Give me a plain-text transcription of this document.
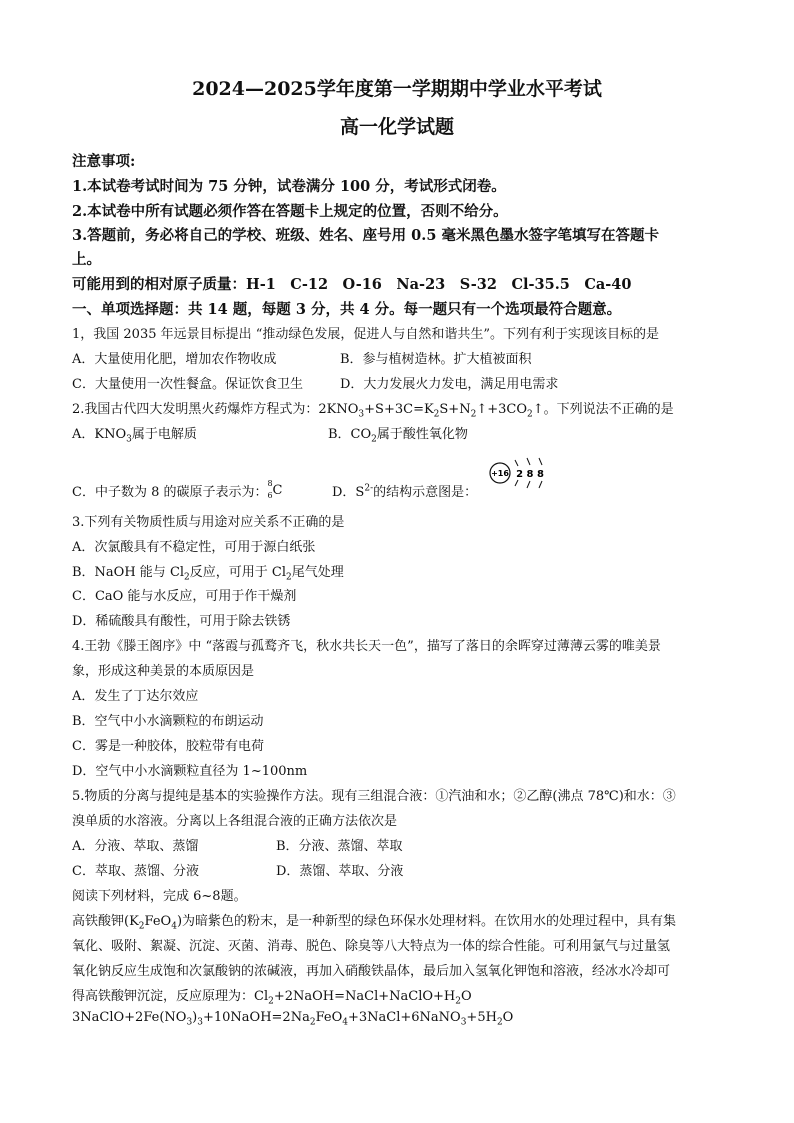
2024—2025学年度第一学期期中学业水平考试
高一化学试题
注意事项:
1.本试卷考试时间为 75 分钟，试卷满分 100 分，考试形式闭卷。
2.本试卷中所有试题必须作答在答题卡上规定的位置，否则不给分。
3.答题前，务必将自己的学校、班级、姓名、座号用 0.5 毫米黑色墨水签字笔填写在答题卡
上。
可能用到的相对原子质量：H-1　C-12　O-16　Na-23　S-32　Cl-35.5　Ca-40
一、单项选择题：共 14 题，每题 3 分，共 4 分。每一题只有一个选项最符合题意。
1，我国 2035 年远景目标提出 “推动绿色发展，促进人与自然和谐共生”。下列有利于实现该目标的是
A．大量使用化肥，增加农作物收成	B．参与植树造林。扩大植被面积
C．大量使用一次性餐盒。保证饮食卫生	D．大力发展火力发电，满足用电需求
2.我国古代四大发明黑火药爆炸方程式为：$2KNO_3+S+3C=K_2S+N_2↑+3CO_2↑$。下列说法不正确的是
A．$KNO_3$属于电解质	B．$CO_2$属于酸性氧化物
C．中子数为 8 的碳原子表示为：
8
6 C	D．$S^{2-}$的结构示意图是：
+16 2 8 8
3.下列有关物质性质与用途对应关系不正确的是
A．次氯酸具有不稳定性，可用于源白纸张
B．NaOH 能与 $Cl_2$反应，可用于 $Cl_2$尾气处理
C．CaO 能与水反应，可用于作干燥剂
D．稀硫酸具有酸性，可用于除去铁锈
4.王勃《滕王阁序》中 “落霞与孤鹜齐飞，秋水共长天一色”，描写了落日的余晖穿过薄薄云雾的唯美景
象，形成这种美景的本质原因是
A．发生了丁达尔效应
B．空气中小水滴颗粒的布朗运动
C．雾是一种胶体，胶粒带有电荷
D．空气中小水滴颗粒直径为 1~100nm
5.物质的分离与提纯是基本的实验操作方法。现有三组混合液：①汽油和水；②乙醇(沸点 78℃)和水：③
溴单质的水溶液。分离以上各组混合液的正确方法依次是
A．分液、萃取、蒸馏	B．分液、蒸馏、萃取
C．萃取、蒸馏、分液	D．蒸馏、萃取、分液
阅读下列材料，完成 6~8题。
高铁酸钾$(K_2FeO_4)$为暗紫色的粉末，是一种新型的绿色环保水处理材料。在饮用水的处理过程中，具有集
氧化、吸附、絮凝、沉淀、灭菌、消毒、脱色、除臭等八大特点为一体的综合性能。可利用氯气与过量氢
氧化钠反应生成饱和次氯酸钠的浓碱液，再加入硝酸铁晶体，最后加入氢氧化钾饱和溶液，经冰水冷却可
得高铁酸钾沉淀，反应原理为：$Cl_2+2NaOH=NaCl+NaClO+H_2O$
$3NaClO+2Fe(NO_3)_3+10NaOH=2Na_2FeO_4+3NaCl+6NaNO_3+5H_2O$
